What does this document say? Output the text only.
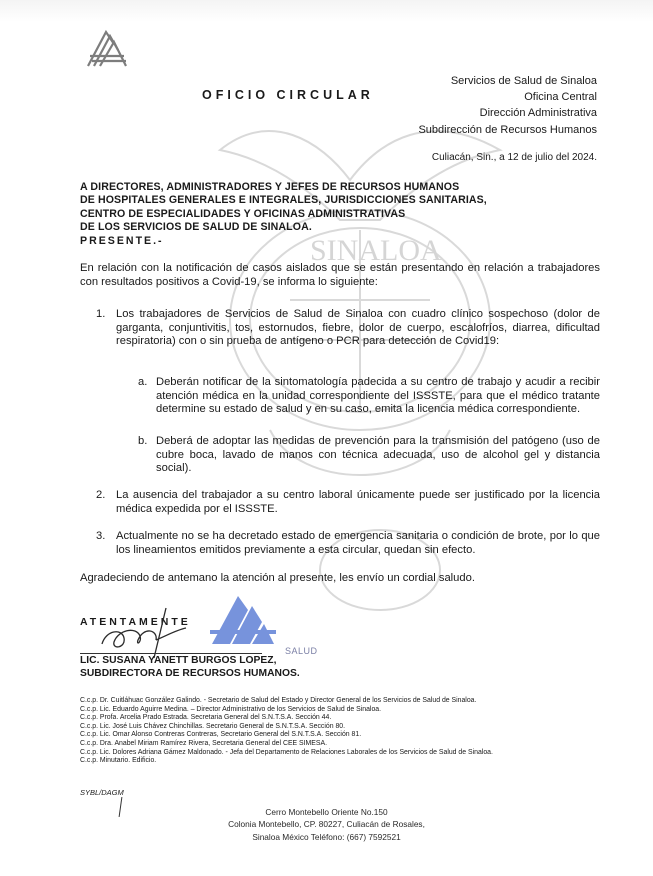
SINALOA
OFICIO CIRCULAR
Servicios de Salud de Sinaloa
Oficina Central
Dirección Administrativa
Subdirección de Recursos Humanos
Culiacán, Sin., a 12 de julio del 2024.
A DIRECTORES, ADMINISTRADORES Y JEFES DE RECURSOS HUMANOS
DE HOSPITALES GENERALES E INTEGRALES, JURISDICCIONES SANITARIAS,
CENTRO DE ESPECIALIDADES Y OFICINAS ADMINISTRATIVAS
DE LOS SERVICIOS DE SALUD DE SINALOA.
PRESENTE.-
En relación con la notificación de casos aislados que se están presentando en relación a trabajadores con resultados positivos a Covid-19, se informa lo siguiente:
1. Los trabajadores de Servicios de Salud de Sinaloa con cuadro clínico sospechoso (dolor de garganta, conjuntivitis, tos, estornudos, fiebre, dolor de cuerpo, escalofríos, diarrea, dificultad respiratoria) con o sin prueba de antígeno o PCR para detección de Covid19:
a. Deberán notificar de la sintomatología padecida a su centro de trabajo y acudir a recibir atención médica en la unidad correspondiente del ISSSTE, para que el médico tratante determine su estado de salud y en su caso, emita la licencia médica correspondiente.
b. Deberá de adoptar las medidas de prevención para la transmisión del patógeno (uso de cubre boca, lavado de manos con técnica adecuada, uso de alcohol gel y distancia social).
2. La ausencia del trabajador a su centro laboral únicamente puede ser justificado por la licencia médica expedida por el ISSSTE.
3. Actualmente no se ha decretado estado de emergencia sanitaria o condición de brote, por lo que los lineamientos emitidos previamente a esta circular, quedan sin efecto.
Agradeciendo de antemano la atención al presente, les envío un cordial saludo.
ATENTAMENTE
SALUD
LIC. SUSANA YANETT BURGOS LOPEZ,
SUBDIRECTORA DE RECURSOS HUMANOS.
C.c.p. Dr. Cuitláhuac González Galindo. - Secretario de Salud del Estado y Director General de los Servicios de Salud de Sinaloa.
C.c.p. Lic. Eduardo Aguirre Medina. – Director Administrativo de los Servicios de Salud de Sinaloa.
C.c.p. Profa. Arcelia Prado Estrada. Secretaria General del S.N.T.S.A. Sección 44.
C.c.p. Lic. José Luis Chávez Chinchillas. Secretario General de S.N.T.S.A. Sección 80.
C.c.p. Lic. Omar Alonso Contreras Contreras, Secretario General del S.N.T.S.A. Sección 81.
C.c.p. Dra. Anabel Miriam Ramírez Rivera, Secretaria General del CEE SIMESA.
C.c.p. Lic. Dolores Adriana Gámez Maldonado. - Jefa del Departamento de Relaciones Laborales de los Servicios de Salud de Sinaloa.
C.c.p. Minutario. Edificio.
SYBL/DAGM
Cerro Montebello Oriente No.150
Colonia Montebello, CP. 80227, Culiacán de Rosales,
Sinaloa México Teléfono: (667) 7592521
